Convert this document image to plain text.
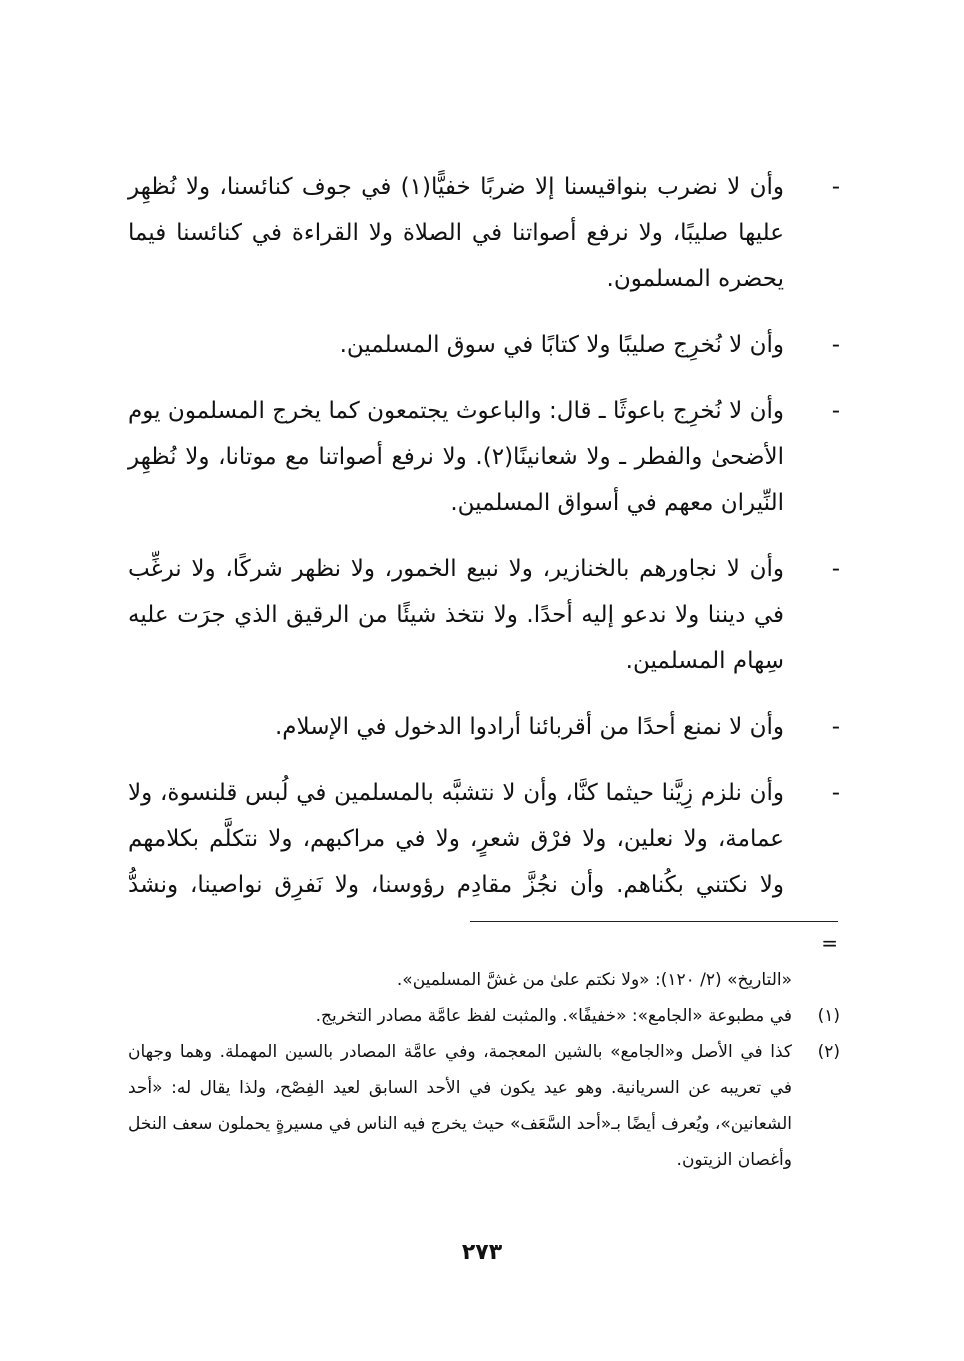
-
وأن لا نضرب بنواقيسنا إلا ضربًا خفيًّا(١) في جوف كنائسنا، ولا نُظهِر عليها صليبًا، ولا نرفع أصواتنا في الصلاة ولا القراءة في كنائسنا فيما يحضره المسلمون.
-
وأن لا نُخرِج صليبًا ولا كتابًا في سوق المسلمين.
-
وأن لا نُخرِج باعوثًا ـ قال: والباعوث يجتمعون كما يخرج المسلمون يوم الأضحىٰ والفطر ـ ولا شعانينًا(٢). ولا نرفع أصواتنا مع موتانا، ولا نُظهِر النِّيران معهم في أسواق المسلمين.
-
وأن لا نجاورهم بالخنازير، ولا نبيع الخمور، ولا نظهر شركًا، ولا نرغِّب في ديننا ولا ندعو إليه أحدًا. ولا نتخذ شيئًا من الرقيق الذي جرَت عليه سِهام المسلمين.
-
وأن لا نمنع أحدًا من أقربائنا أرادوا الدخول في الإسلام.
-
وأن نلزم زِيَّنا حيثما كنَّا، وأن لا نتشبَّه بالمسلمين في لُبس قلنسوة، ولا عمامة، ولا نعلين، ولا فرْق شعرٍ، ولا في مراكبهم، ولا نتكلَّم بكلامهم ولا نكتني بكُناهم. وأن نجُزَّ مقادِم رؤوسنا، ولا نَفرِق نواصينا، ونشدُّ
=
«التاريخ» (٢/ ١٢٠): «ولا نكتم علىٰ من غشَّ المسلمين».
(١)
في مطبوعة «الجامع»: «خفيفًا». والمثبت لفظ عامَّة مصادر التخريج.
(٢)
كذا في الأصل و«الجامع» بالشين المعجمة، وفي عامَّة المصادر بالسين المهملة. وهما وجهان في تعريبه عن السريانية. وهو عيد يكون في الأحد السابق لعيد الفِصْح، ولذا يقال له: «أحد الشعانين»، ويُعرف أيضًا بـ«أحد السَّعَف» حيث يخرج فيه الناس في مسيرةٍ يحملون سعف النخل وأغصان الزيتون.
٢٧٣
